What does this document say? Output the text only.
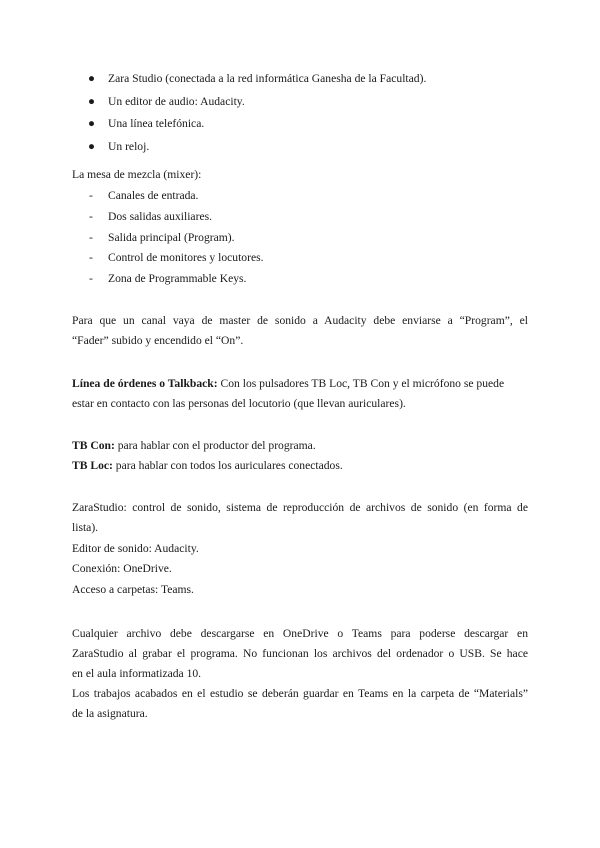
● Zara Studio (conectada a la red informática Ganesha de la Facultad).
● Un editor de audio: Audacity.
● Una línea telefónica.
● Un reloj.

La mesa de mezcla (mixer):

- Canales de entrada.
- Dos salidas auxiliares.
- Salida principal (Program).
- Control de monitores y locutores.
- Zona de Programmable Keys.

Para que un canal vaya de master de sonido a Audacity debe enviarse a “Program”, el

“Fader” subido y encendido el “On”.

Línea de órdenes o Talkback: Con los pulsadores TB Loc, TB Con y el micrófono se puede

estar en contacto con las personas del locutorio (que llevan auriculares).

TB Con: para hablar con el productor del programa.

TB Loc: para hablar con todos los auriculares conectados.

ZaraStudio: control de sonido, sistema de reproducción de archivos de sonido (en forma de

lista).

Editor de sonido: Audacity.

Conexión: OneDrive.

Acceso a carpetas: Teams.

Cualquier archivo debe descargarse en OneDrive o Teams para poderse descargar en

ZaraStudio al grabar el programa. No funcionan los archivos del ordenador o USB. Se hace

en el aula informatizada 10.

Los trabajos acabados en el estudio se deberán guardar en Teams en la carpeta de “Materials”

de la asignatura.
